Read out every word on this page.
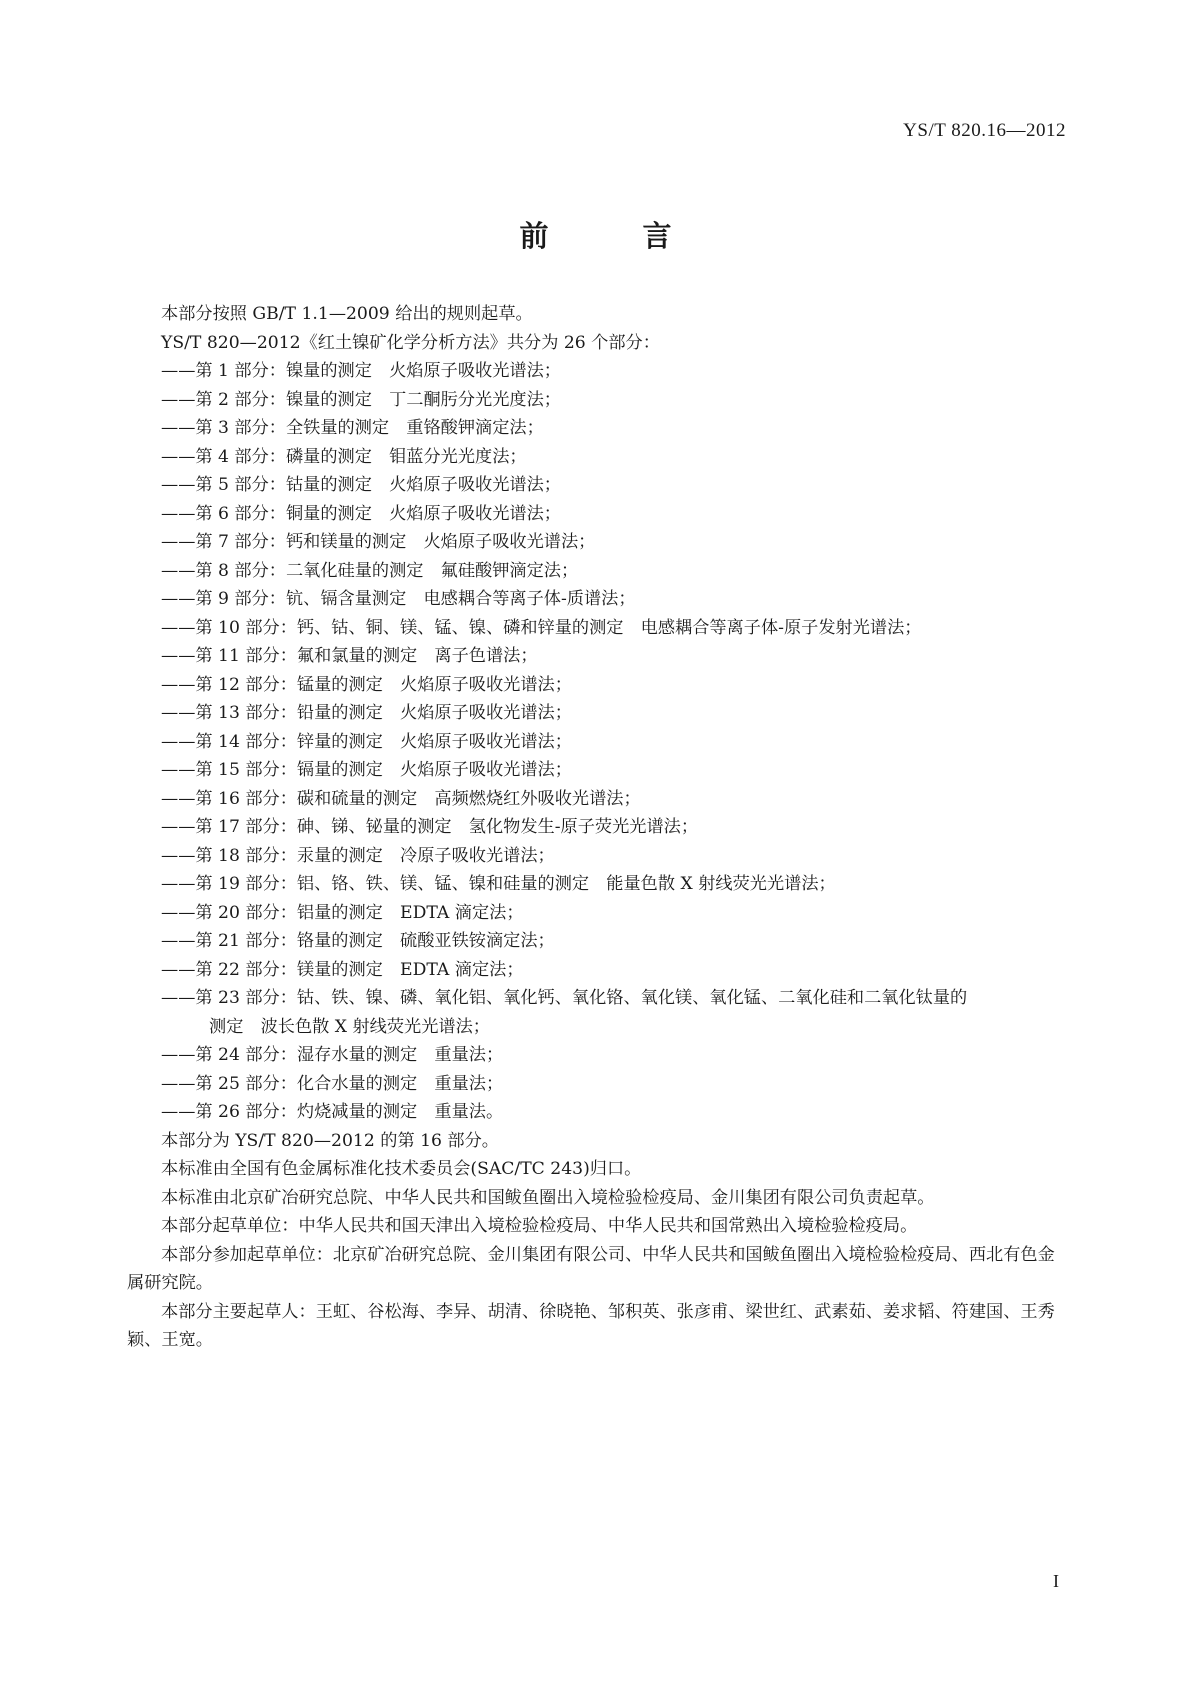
YS/T 820.16—2012
前 言

本部分按照 GB/T 1.1—2009 给出的规则起草。

YS/T 820—2012《红土镍矿化学分析方法》共分为 26 个部分：

——第 1 部分：镍量的测定　火焰原子吸收光谱法；
——第 2 部分：镍量的测定　丁二酮肟分光光度法；
——第 3 部分：全铁量的测定　重铬酸钾滴定法；
——第 4 部分：磷量的测定　钼蓝分光光度法；
——第 5 部分：钴量的测定　火焰原子吸收光谱法；
——第 6 部分：铜量的测定　火焰原子吸收光谱法；
——第 7 部分：钙和镁量的测定　火焰原子吸收光谱法；
——第 8 部分：二氧化硅量的测定　氟硅酸钾滴定法；
——第 9 部分：钪、镉含量测定　电感耦合等离子体-质谱法；
——第 10 部分：钙、钴、铜、镁、锰、镍、磷和锌量的测定　电感耦合等离子体-原子发射光谱法；
——第 11 部分：氟和氯量的测定　离子色谱法；
——第 12 部分：锰量的测定　火焰原子吸收光谱法；
——第 13 部分：铅量的测定　火焰原子吸收光谱法；
——第 14 部分：锌量的测定　火焰原子吸收光谱法；
——第 15 部分：镉量的测定　火焰原子吸收光谱法；
——第 16 部分：碳和硫量的测定　高频燃烧红外吸收光谱法；
——第 17 部分：砷、锑、铋量的测定　氢化物发生-原子荧光光谱法；
——第 18 部分：汞量的测定　冷原子吸收光谱法；
——第 19 部分：铝、铬、铁、镁、锰、镍和硅量的测定　能量色散 X 射线荧光光谱法；
——第 20 部分：铝量的测定　EDTA 滴定法；
——第 21 部分：铬量的测定　硫酸亚铁铵滴定法；
——第 22 部分：镁量的测定　EDTA 滴定法；
——第 23 部分：钴、铁、镍、磷、氧化铝、氧化钙、氧化铬、氧化镁、氧化锰、二氧化硅和二氧化钛量的
测定　波长色散 X 射线荧光光谱法；
——第 24 部分：湿存水量的测定　重量法；
——第 25 部分：化合水量的测定　重量法；
——第 26 部分：灼烧减量的测定　重量法。

本部分为 YS/T 820—2012 的第 16 部分。

本标准由全国有色金属标准化技术委员会(SAC/TC 243)归口。

本标准由北京矿冶研究总院、中华人民共和国鲅鱼圈出入境检验检疫局、金川集团有限公司负责起草。

本部分起草单位：中华人民共和国天津出入境检验检疫局、中华人民共和国常熟出入境检验检疫局。

本部分参加起草单位：北京矿冶研究总院、金川集团有限公司、中华人民共和国鲅鱼圈出入境检验检疫局、西北有色金属研究院。

本部分主要起草人：王虹、谷松海、李异、胡清、徐晓艳、邹积英、张彦甫、梁世红、武素茹、姜求韬、符建国、王秀颖、王宽。

I
